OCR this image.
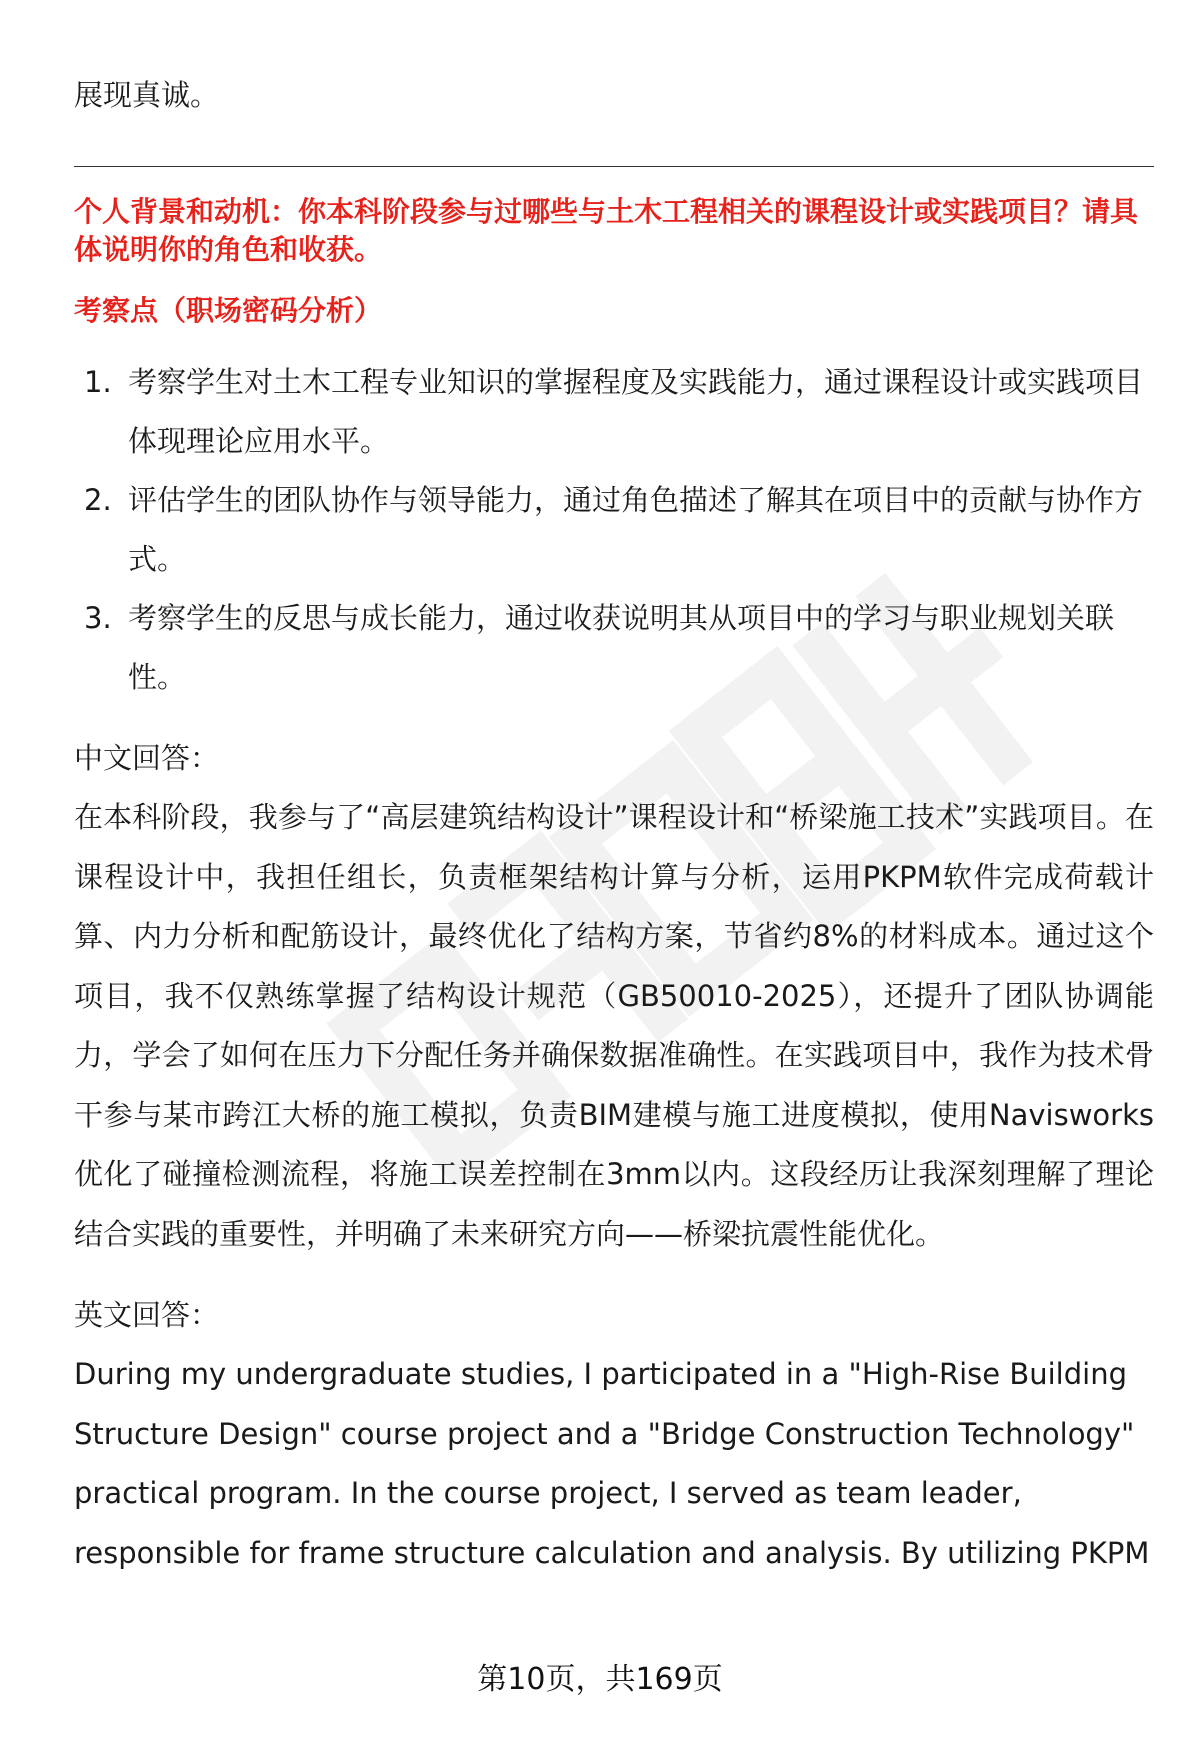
展现真诚。

个人背景和动机：你本科阶段参与过哪些与土木工程相关的课程设计或实践项目？请具体说明你的角色和收获。

考察点（职场密码分析）

1. 考察学生对土木工程专业知识的掌握程度及实践能力，通过课程设计或实践项目体现理论应用水平。
2. 评估学生的团队协作与领导能力，通过角色描述了解其在项目中的贡献与协作方式。
3. 考察学生的反思与成长能力，通过收获说明其从项目中的学习与职业规划关联性。

中文回答：

在本科阶段，我参与了“高层建筑结构设计”课程设计和“桥梁施工技术”实践项目。在课程设计中，我担任组长，负责框架结构计算与分析，运用PKPM软件完成荷载计算、内力分析和配筋设计，最终优化了结构方案，节省约8%的材料成本。通过这个项目，我不仅熟练掌握了结构设计规范（GB50010-2025），还提升了团队协调能力，学会了如何在压力下分配任务并确保数据准确性。在实践项目中，我作为技术骨干参与某市跨江大桥的施工模拟，负责BIM建模与施工进度模拟，使用Navisworks优化了碰撞检测流程，将施工误差控制在3mm以内。这段经历让我深刻理解了理论结合实践的重要性，并明确了未来研究方向——桥梁抗震性能优化。

英文回答：

During my undergraduate studies, I participated in a "High-Rise Building Structure Design" course project and a "Bridge Construction Technology" practical program. In the course project, I served as team leader, responsible for frame structure calculation and analysis. By utilizing PKPM

第10页，共169页
